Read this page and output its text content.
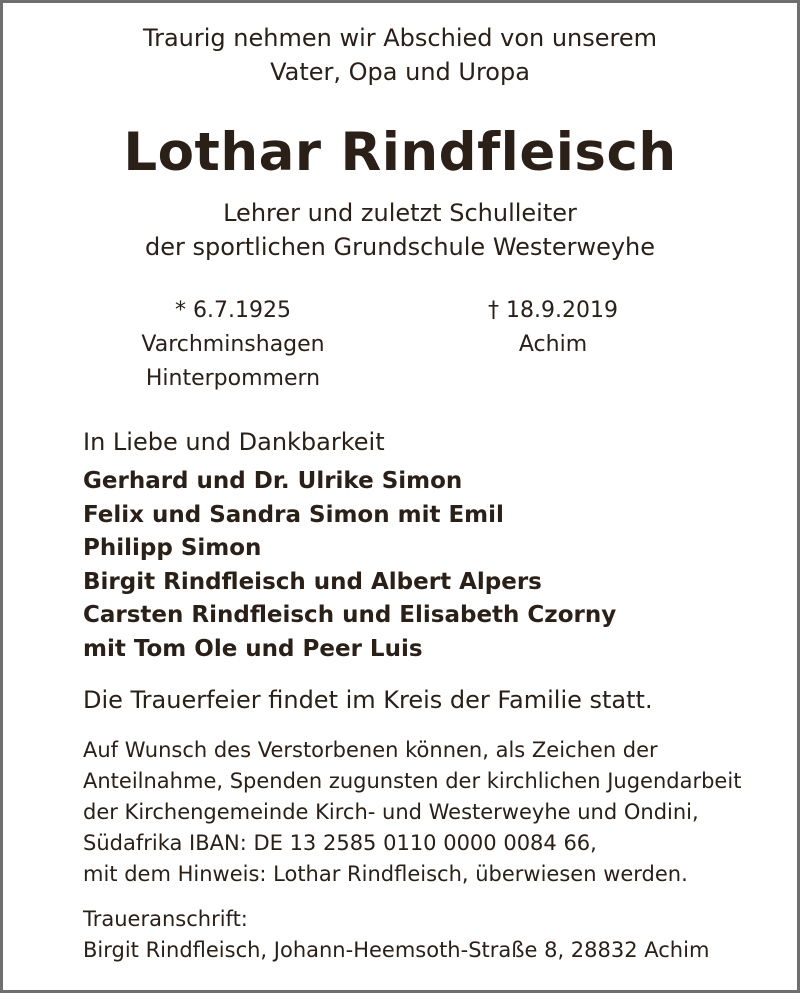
Traurig nehmen wir Abschied von unserem
Vater, Opa und Uropa
Lothar Rindfleisch
Lehrer und zuletzt Schulleiter
der sportlichen Grundschule Westerweyhe
* 6.7.1925
Varchminshagen
Hinterpommern
† 18.9.2019
Achim
In Liebe und Dankbarkeit
Gerhard und Dr. Ulrike Simon
Felix und Sandra Simon mit Emil
Philipp Simon
Birgit Rindfleisch und Albert Alpers
Carsten Rindfleisch und Elisabeth Czorny
mit Tom Ole und Peer Luis
Die Trauerfeier findet im Kreis der Familie statt.
Auf Wunsch des Verstorbenen können, als Zeichen der
Anteilnahme, Spenden zugunsten der kirchlichen Jugendarbeit
der Kirchengemeinde Kirch- und Westerweyhe und Ondini,
Südafrika IBAN: DE 13 2585 0110 0000 0084 66,
mit dem Hinweis: Lothar Rindfleisch, überwiesen werden.
Traueranschrift:
Birgit Rindfleisch, Johann-Heemsoth-Straße 8, 28832 Achim
